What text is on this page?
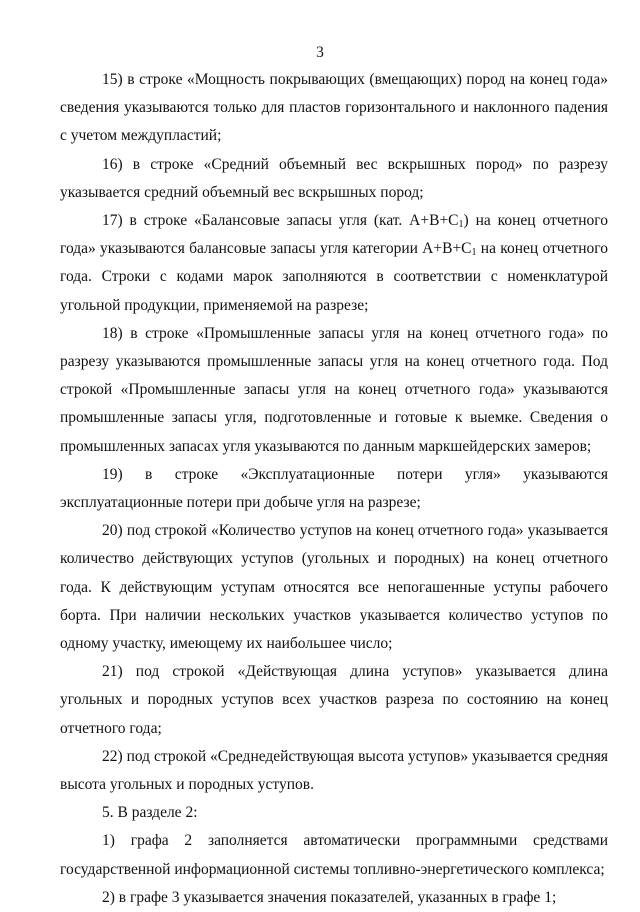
3

15) в строке «Мощность покрывающих (вмещающих) пород на конец года» сведения указываются только для пластов горизонтального и наклонного падения с учетом междупластий;

16) в строке «Средний объемный вес вскрышных пород» по разрезу указывается средний объемный вес вскрышных пород;

17) в строке «Балансовые запасы угля (кат. $А+В+С_1$) на конец отчетного года» указываются балансовые запасы угля категории $А+В+С_1$ на конец отчетного года. Строки с кодами марок заполняются в соответствии с номенклатурой угольной продукции, применяемой на разрезе;

18) в строке «Промышленные запасы угля на конец отчетного года» по разрезу указываются промышленные запасы угля на конец отчетного года. Под строкой «Промышленные запасы угля на конец отчетного года» указываются промышленные запасы угля, подготовленные и готовые к выемке. Сведения о промышленных запасах угля указываются по данным маркшейдерских замеров;

19) в строке «Эксплуатационные потери угля» указываются эксплуатационные потери при добыче угля на разрезе;

20) под строкой «Количество уступов на конец отчетного года» указывается количество действующих уступов (угольных и породных) на конец отчетного года. К действующим уступам относятся все непогашенные уступы рабочего борта. При наличии нескольких участков указывается количество уступов по одному участку, имеющему их наибольшее число;

21) под строкой «Действующая длина уступов» указывается длина угольных и породных уступов всех участков разреза по состоянию на конец отчетного года;

22) под строкой «Среднедействующая высота уступов» указывается средняя высота угольных и породных уступов.

5. В разделе 2:

1) графа 2 заполняется автоматически программными средствами государственной информационной системы топливно-энергетического комплекса;

2) в графе 3 указывается значения показателей, указанных в графе 1;
